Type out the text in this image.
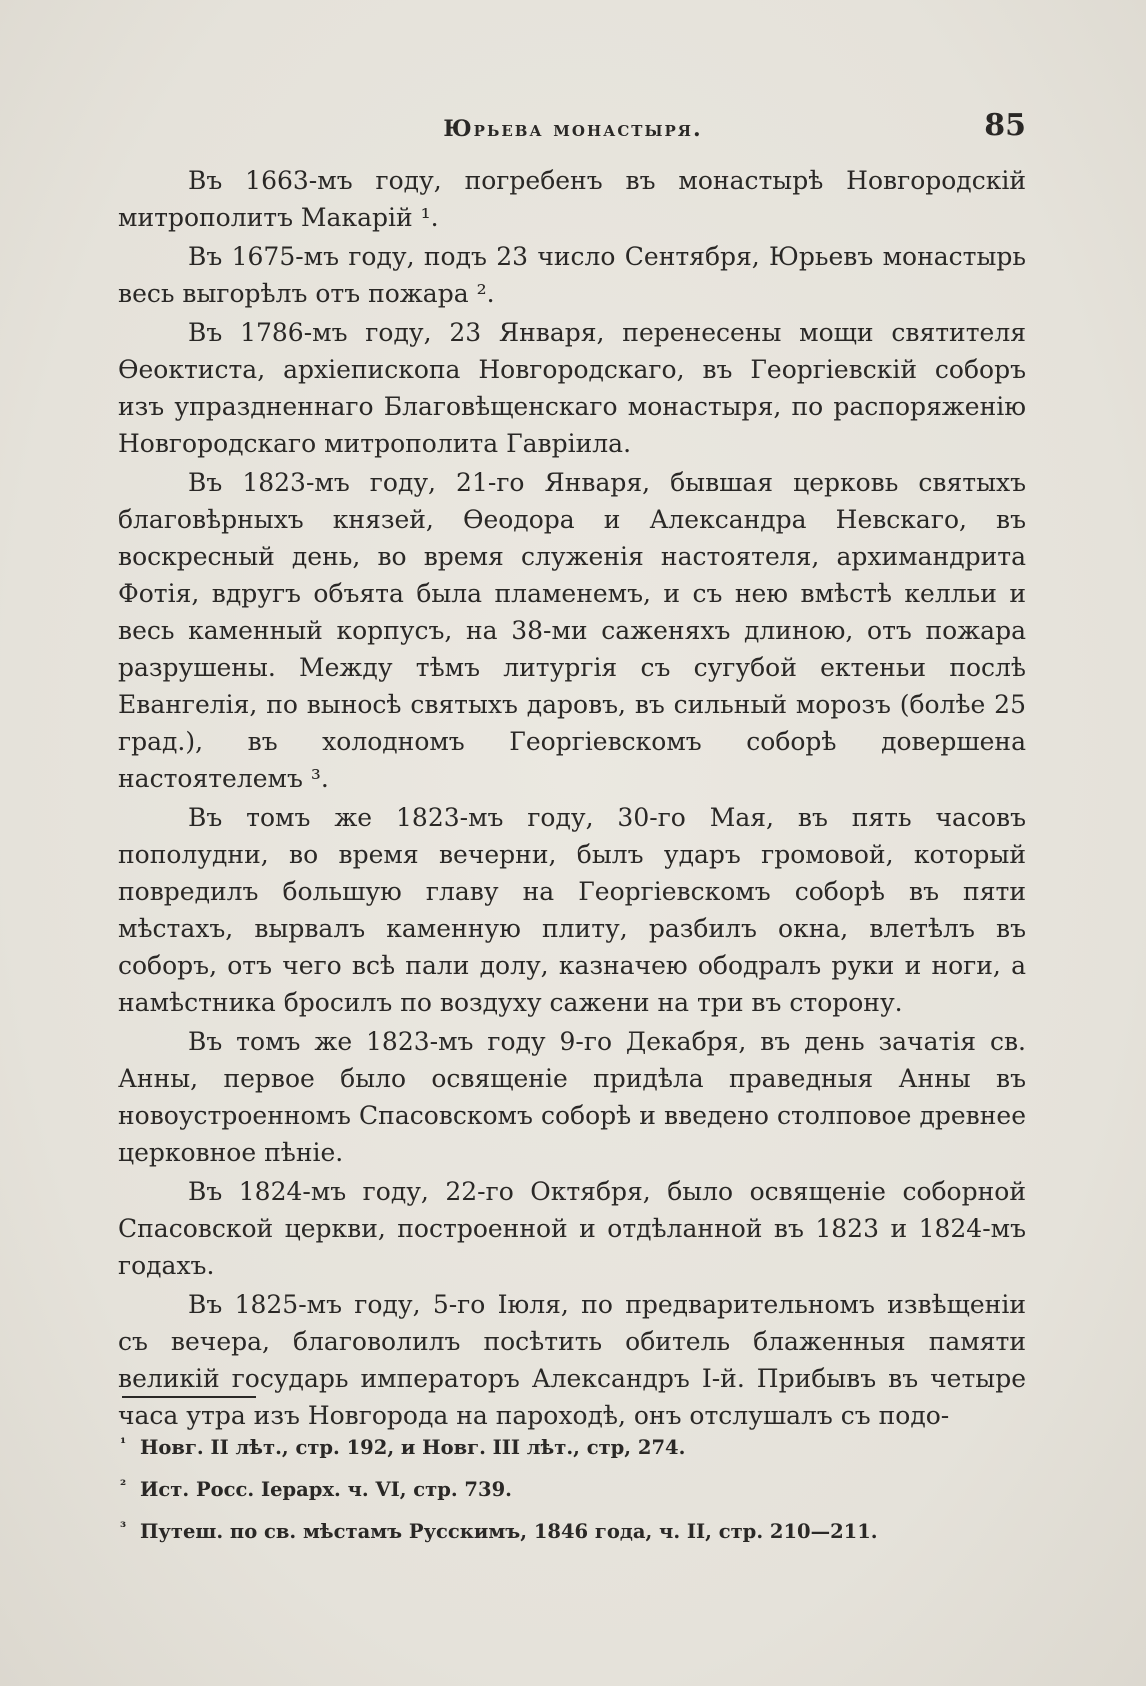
Юрьева монастыря.	85

Въ 1663-мъ году, погребенъ въ монастырѣ Новгородскій митрополитъ Макарій ¹.

Въ 1675-мъ году, подъ 23 число Сентября, Юрьевъ монастырь весь выгорѣлъ отъ пожара ².

Въ 1786-мъ году, 23 Января, перенесены мощи святителя Ѳеоктиста, архіепископа Новгородскаго, въ Георгіевскій соборъ изъ упраздненнаго Благовѣщенскаго монастыря, по распоряженію Новгородскаго митрополита Гавріила.

Въ 1823-мъ году, 21-го Января, бывшая церковь святыхъ благовѣрныхъ князей, Ѳеодора и Александра Невскаго, въ воскресный день, во время служенія настоятеля, архимандрита Фотія, вдругъ объята была пламенемъ, и съ нею вмѣстѣ келльи и весь каменный корпусъ, на 38-ми саженяхъ длиною, отъ пожара разрушены. Между тѣмъ литургія съ сугубой ектеньи послѣ Евангелія, по выносѣ святыхъ даровъ, въ сильный морозъ (болѣе 25 град.), въ холодномъ Георгіевскомъ соборѣ довершена настоятелемъ ³.

Въ томъ же 1823-мъ году, 30-го Мая, въ пять часовъ пополудни, во время вечерни, былъ ударъ громовой, который повредилъ большую главу на Георгіевскомъ соборѣ въ пяти мѣстахъ, вырвалъ каменную плиту, разбилъ окна, влетѣлъ въ соборъ, отъ чего всѣ пали долу, казначею ободралъ руки и ноги, а намѣстника бросилъ по воздуху сажени на три въ сторону.

Въ томъ же 1823-мъ году 9-го Декабря, въ день зачатія св. Анны, первое было освященіе придѣла праведныя Анны въ новоустроенномъ Спасовскомъ соборѣ и введено столповое древнее церковное пѣніе.

Въ 1824-мъ году, 22-го Октября, было освященіе соборной Спасовской церкви, построенной и отдѣланной въ 1823 и 1824-мъ годахъ.

Въ 1825-мъ году, 5-го Іюля, по предварительномъ извѣщеніи съ вечера, благоволилъ посѣтить обитель блаженныя памяти великій государь императоръ Александръ І-й. Прибывъ въ четыре часа утра изъ Новгорода на пароходѣ, онъ отслушалъ съ подо-

¹ Новг. II лѣт., стр. 192, и Новг. III лѣт., стр, 274.
² Ист. Росс. Іерарх. ч. VI, стр. 739.
³ Путеш. по св. мѣстамъ Русскимъ, 1846 года, ч. II, стр. 210—211.
